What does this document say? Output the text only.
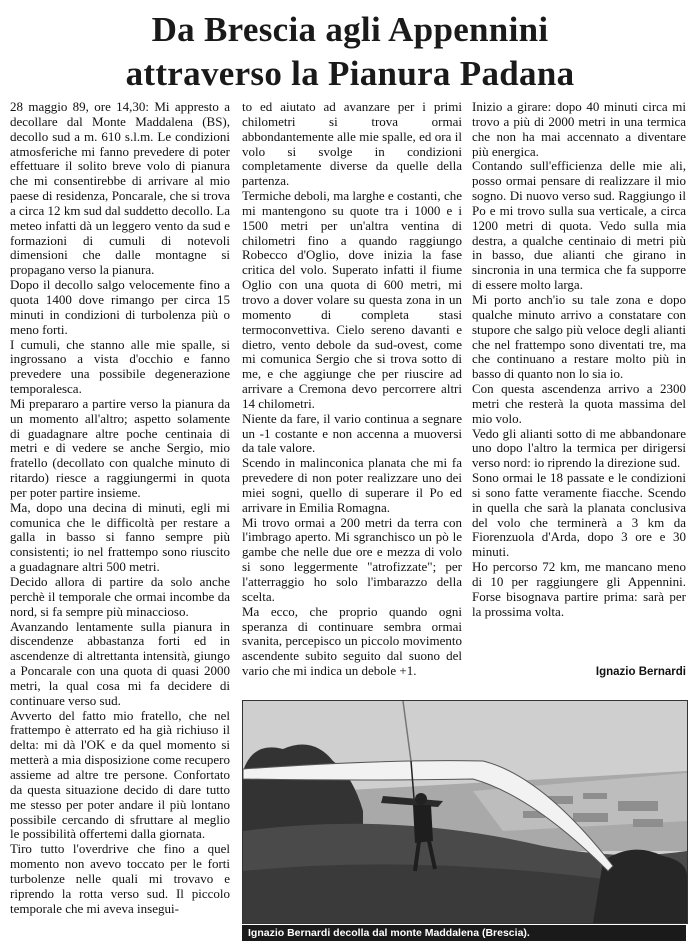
Da Brescia agli Appennini
attraverso la Pianura Padana

28 maggio 89, ore 14,30: Mi appresto a decollare dal Monte Maddalena (BS), decollo sud a m. 610 s.l.m. Le condizioni atmosferiche mi fanno prevedere di poter effettuare il solito breve volo di pianura che mi consentirebbe di arrivare al mio paese di residenza, Poncarale, che si trova a circa 12 km sud dal suddetto decollo. La meteo infatti dà un leggero vento da sud e formazioni di cumuli di notevoli dimensioni che dalle montagne si propagano verso la pianura.

Dopo il decollo salgo velocemente fino a quota 1400 dove rimango per circa 15 minuti in condizioni di turbolenza più o meno forti.

I cumuli, che stanno alle mie spalle, si ingrossano a vista d'occhio e fanno prevedere una possibile degenerazione temporalesca.

Mi prepararo a partire verso la pianura da un momento all'altro; aspetto solamente di guadagnare altre poche centinaia di metri e di vedere se anche Sergio, mio fratello (decollato con qualche minuto di ritardo) riesce a raggiungermi in quota per poter partire insieme.

Ma, dopo una decina di minuti, egli mi comunica che le difficoltà per restare a galla in basso si fanno sempre più consistenti; io nel frattempo sono riuscito a guadagnare altri 500 metri.

Decido allora di partire da solo anche perchè il temporale che ormai incombe da nord, si fa sempre più minaccioso.

Avanzando lentamente sulla pianura in discendenze abbastanza forti ed in ascendenze di altrettanta intensità, giungo a Poncarale con una quota di quasi 2000 metri, la qual cosa mi fa decidere di continuare verso sud.

Avverto del fatto mio fratello, che nel frattempo è atterrato ed ha già richiuso il delta: mi dà l'OK e da quel momento si metterà a mia disposizione come recupero assieme ad altre tre persone. Confortato da questa situazione decido di dare tutto me stesso per poter andare il più lontano possibile cercando di sfruttare al meglio le possibilità offertemi dalla giornata.

Tiro tutto l'overdrive che fino a quel momento non avevo toccato per le forti turbolenze nelle quali mi trovavo e riprendo la rotta verso sud. Il piccolo temporale che mi aveva insegui-

to ed aiutato ad avanzare per i primi chilometri si trova ormai abbondantemente alle mie spalle, ed ora il volo si svolge in condizioni completamente diverse da quelle della partenza.

Termiche deboli, ma larghe e costanti, che mi mantengono su quote tra i 1000 e i 1500 metri per un'altra ventina di chilometri fino a quando raggiungo Robecco d'Oglio, dove inizia la fase critica del volo. Superato infatti il fiume Oglio con una quota di 600 metri, mi trovo a dover volare su questa zona in un momento di completa stasi termoconvettiva. Cielo sereno davanti e dietro, vento debole da sud-ovest, come mi comunica Sergio che si trova sotto di me, e che aggiunge che per riuscire ad arrivare a Cremona devo percorrere altri 14 chilometri.

Niente da fare, il vario continua a segnare un -1 costante e non accenna a muoversi da tale valore.

Scendo in malinconica planata che mi fa prevedere di non poter realizzare uno dei miei sogni, quello di superare il Po ed arrivare in Emilia Romagna.

Mi trovo ormai a 200 metri da terra con l'imbrago aperto. Mi sgranchisco un pò le gambe che nelle due ore e mezza di volo si sono leggermente "atrofizzate"; per l'atterraggio ho solo l'imbarazzo della scelta.

Ma ecco, che proprio quando ogni speranza di continuare sembra ormai svanita, percepisco un piccolo movimento ascendente subito seguito dal suono del vario che mi indica un debole +1.

Inizio a girare: dopo 40 minuti circa mi trovo a più di 2000 metri in una termica che non ha mai accennato a diventare più energica.

Contando sull'efficienza delle mie ali, posso ormai pensare di realizzare il mio sogno. Di nuovo verso sud. Raggiungo il Po e mi trovo sulla sua verticale, a circa 1200 metri di quota. Vedo sulla mia destra, a qualche centinaio di metri più in basso, due alianti che girano in sincronia in una termica che fa supporre di essere molto larga.

Mi porto anch'io su tale zona e dopo qualche minuto arrivo a constatare con stupore che salgo più veloce degli alianti che nel frattempo sono diventati tre, ma che continuano a restare molto più in basso di quanto non lo sia io.

Con questa ascendenza arrivo a 2300 metri che resterà la quota massima del mio volo.

Vedo gli alianti sotto di me abbandonare uno dopo l'altro la termica per dirigersi verso nord: io riprendo la direzione sud.

Sono ormai le 18 passate e le condizioni si sono fatte veramente fiacche. Scendo in quella che sarà la planata conclusiva del volo che terminerà a 3 km da Fiorenzuola d'Arda, dopo 3 ore e 30 minuti.

Ho percorso 72 km, me mancano meno di 10 per raggiungere gli Appennini. Forse bisognava partire prima: sarà per la prossima volta.

Ignazio Bernardi
Ignazio Bernardi decolla dal monte Maddalena (Brescia).
